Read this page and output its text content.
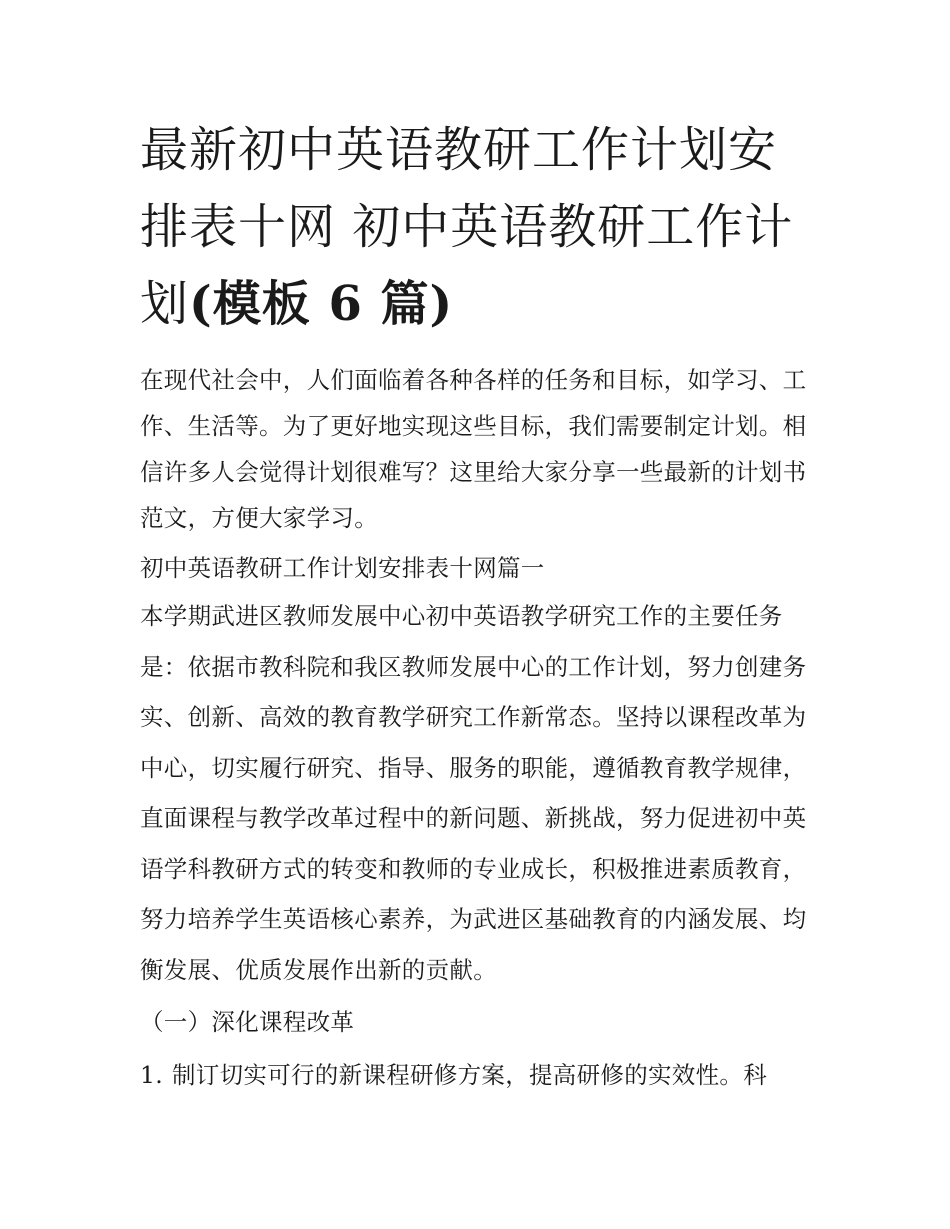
最新初中英语教研工作计划安排表十网 初中英语教研工作计划(模板 6 篇)

在现代社会中，人们面临着各种各样的任务和目标，如学习、工作、生活等。为了更好地实现这些目标，我们需要制定计划。相信许多人会觉得计划很难写？这里给大家分享一些最新的计划书范文，方便大家学习。

初中英语教研工作计划安排表十网篇一

本学期武进区教师发展中心初中英语教学研究工作的主要任务是：依据市教科院和我区教师发展中心的工作计划，努力创建务实、创新、高效的教育教学研究工作新常态。坚持以课程改革为中心，切实履行研究、指导、服务的职能，遵循教育教学规律，直面课程与教学改革过程中的新问题、新挑战，努力促进初中英语学科教研方式的转变和教师的专业成长，积极推进素质教育，努力培养学生英语核心素养，为武进区基础教育的内涵发展、均衡发展、优质发展作出新的贡献。

（一）深化课程改革

1. 制订切实可行的新课程研修方案，提高研修的实效性。科
